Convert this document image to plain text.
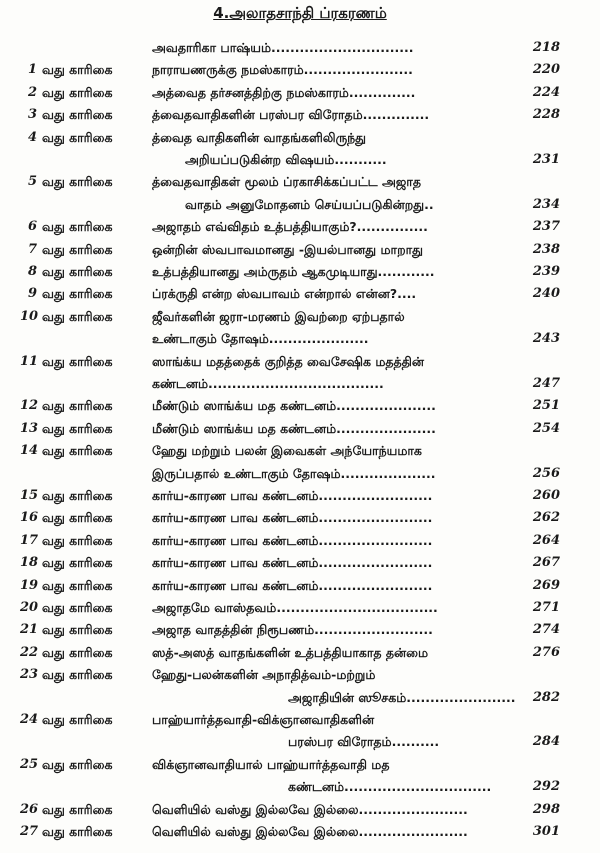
4.அலாதசாந்தி ப்ரகரணம்
அவதாரிகா பாஷ்யம்..............................	218
1 வது காரிகை	நாராயணருக்கு நமஸ்காரம்.......................	220
2 வது காரிகை	அத்வைத தர்சனத்திற்கு நமஸ்காரம்..............	224
3 வது காரிகை	த்வைதவாதிகளின் பரஸ்பர விரோதம்..............	228
4 வது காரிகை	த்வைத வாதிகளின் வாதங்களிலிருந்து
அறியப்படுகின்ற விஷயம்...........	231
5 வது காரிகை	த்வைதவாதிகள் மூலம் ப்ரகாசிக்கப்பட்ட அஜாத
வாதம் அனுமோதனம் செய்யப்படுகின்றது..	234
6 வது காரிகை	அஜாதம் எவ்விதம் உத்பத்தியாகும்?...............	237
7 வது காரிகை	ஒன்றின் ஸ்வபாவமானது -இயல்பானது மாறாது	238
8 வது காரிகை	உத்பத்தியானது அம்ருதம் ஆகமுடியாது............	239
9 வது காரிகை	ப்ரக்ருதி என்ற ஸ்வபாவம் என்றால் என்ன?....	240
10 வது காரிகை	ஜீவர்களின் ஜரா-மரணம் இவற்றை ஏற்பதால்
உண்டாகும் தோஷம்.....................	243
11 வது காரிகை	ஸாங்க்ய மதத்தைக் குறித்த வைசேஷிக மதத்தின்
கண்டனம்.....................................	247
12 வது காரிகை	மீண்டும் ஸாங்க்ய மத கண்டனம்.....................	251
13 வது காரிகை	மீண்டும் ஸாங்க்ய மத கண்டனம்.....................	254
14 வது காரிகை	ஹேது மற்றும் பலன் இவைகள் அந்யோந்யமாக
இருப்பதால் உண்டாகும் தோஷம்....................	256
15 வது காரிகை	கார்ய-காரண பாவ கண்டனம்........................	260
16 வது காரிகை	கார்ய-காரண பாவ கண்டனம்........................	262
17 வது காரிகை	கார்ய-காரண பாவ கண்டனம்........................	264
18 வது காரிகை	கார்ய-காரண பாவ கண்டனம்........................	267
19 வது காரிகை	கார்ய-காரண பாவ கண்டனம்........................	269
20 வது காரிகை	அஜாதமே வாஸ்தவம்..................................	271
21 வது காரிகை	அஜாத வாதத்தின் நிரூபணம்.........................	274
22 வது காரிகை	ஸத்-அஸத் வாதங்களின் உத்பத்தியாகாத தன்மை	276
23 வது காரிகை	ஹேது-பலன்களின் அநாதித்வம்-மற்றும்
அஜாதியின் ஸூசகம்....................... 282
24 வது காரிகை	பாஹ்யார்த்தவாதி-விக்ஞானவாதிகளின்
பரஸ்பர விரோதம்..........	284
25 வது காரிகை	விக்ஞானவாதியால் பாஹ்யார்த்தவாதி மத
கண்டனம்...............................	292
26 வது காரிகை	வெளியில் வஸ்து இல்லவே இல்லை.......................	298
27 வது காரிகை	வெளியில் வஸ்து இல்லவே இல்லை.......................	301
